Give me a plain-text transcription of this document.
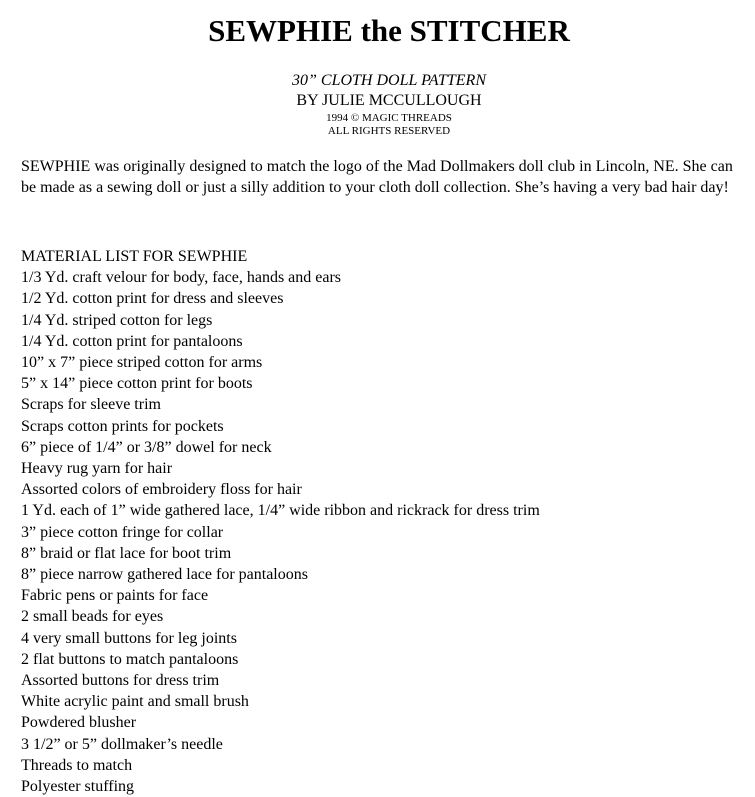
SEWPHIE the STITCHER

30” CLOTH DOLL PATTERN

BY JULIE MCCULLOUGH

1994 © MAGIC THREADS
ALL RIGHTS RESERVED

SEWPHIE was originally designed to match the logo of the Mad Dollmakers doll club in Lincoln, NE. She can be made as a sewing doll or just a silly addition to your cloth doll collection. She’s having a very bad hair day!

MATERIAL LIST FOR SEWPHIE
1/3 Yd. craft velour for body, face, hands and ears
1/2 Yd. cotton print for dress and sleeves
1/4 Yd. striped cotton for legs
1/4 Yd. cotton print for pantaloons
10” x 7” piece striped cotton for arms
5” x 14” piece cotton print for boots
Scraps for sleeve trim
Scraps cotton prints for pockets
6” piece of 1/4” or 3/8” dowel for neck
Heavy rug yarn for hair
Assorted colors of embroidery floss for hair
1 Yd. each of 1” wide gathered lace, 1/4” wide ribbon and rickrack for dress trim
3” piece cotton fringe for collar
8” braid or flat lace for boot trim
8” piece narrow gathered lace for pantaloons
Fabric pens or paints for face
2 small beads for eyes
4 very small buttons for leg joints
2 flat buttons to match pantaloons
Assorted buttons for dress trim
White acrylic paint and small brush
Powdered blusher
3 1/2” or 5” dollmaker’s needle
Threads to match
Polyester stuffing
